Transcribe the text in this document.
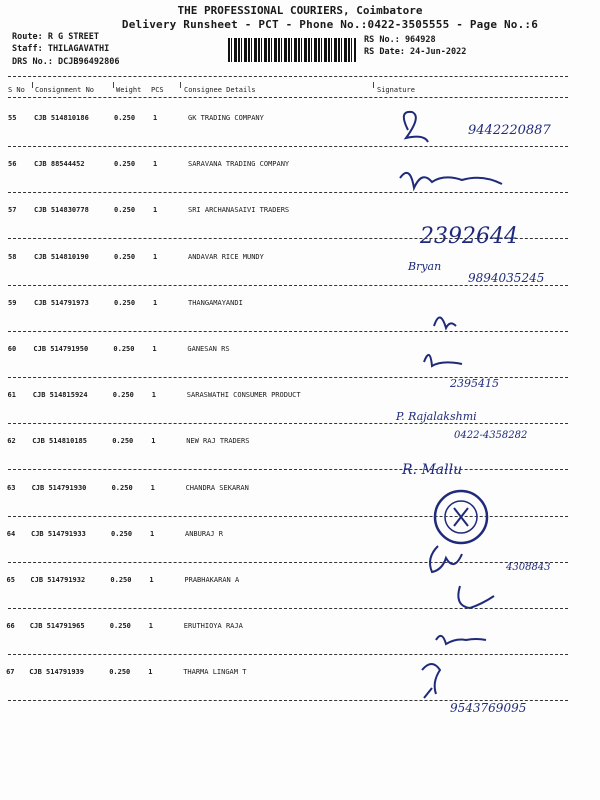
THE PROFESSIONAL COURIERS, Coimbatore
Delivery Runsheet - PCT - Phone No.:0422-3505555 - Page No.:6
Route: R G STREET
Staff: THILAGAVATHI
DRS No.: DCJB96492806
RS No.: 964928
RS Date: 24-Jun-2022
S No Consignment No	Weight PCS	Consignee Details	Signature
55	CJB 514810186	0.250	1	GK TRADING COMPANY
56	CJB 88544452	0.250	1	SARAVANA TRADING COMPANY
57	CJB 514830778	0.250	1	SRI ARCHANASAIVI TRADERS
58	CJB 514810190	0.250	1	ANDAVAR RICE MUNDY
59	CJB 514791973	0.250	1	THANGAMAYANDI
60 CJB 514791950	0.250	1	GANESAN RS
61 CJB 514815924	0.250	1	SARASWATHI CONSUMER PRODUCT
62 CJB 514810185	0.250	1	NEW RAJ TRADERS
63 CJB 514791930	0.250	1	CHANDRA SEKARAN
64 CJB 514791933	0.250	1	ANBURAJ R
65 CJB 514791932	0.250	1	PRABHAKARAN A
66 CJB 514791965	0.250	1	ERUTHIOYA RAJA
67 CJB 514791939	0.250	1	THARMA LINGAM T
9442220887
2392644
Bryan
9894035245
2395415
P. Rajalakshmi
0422-4358282
R. Mallu
4308843
9543769095
